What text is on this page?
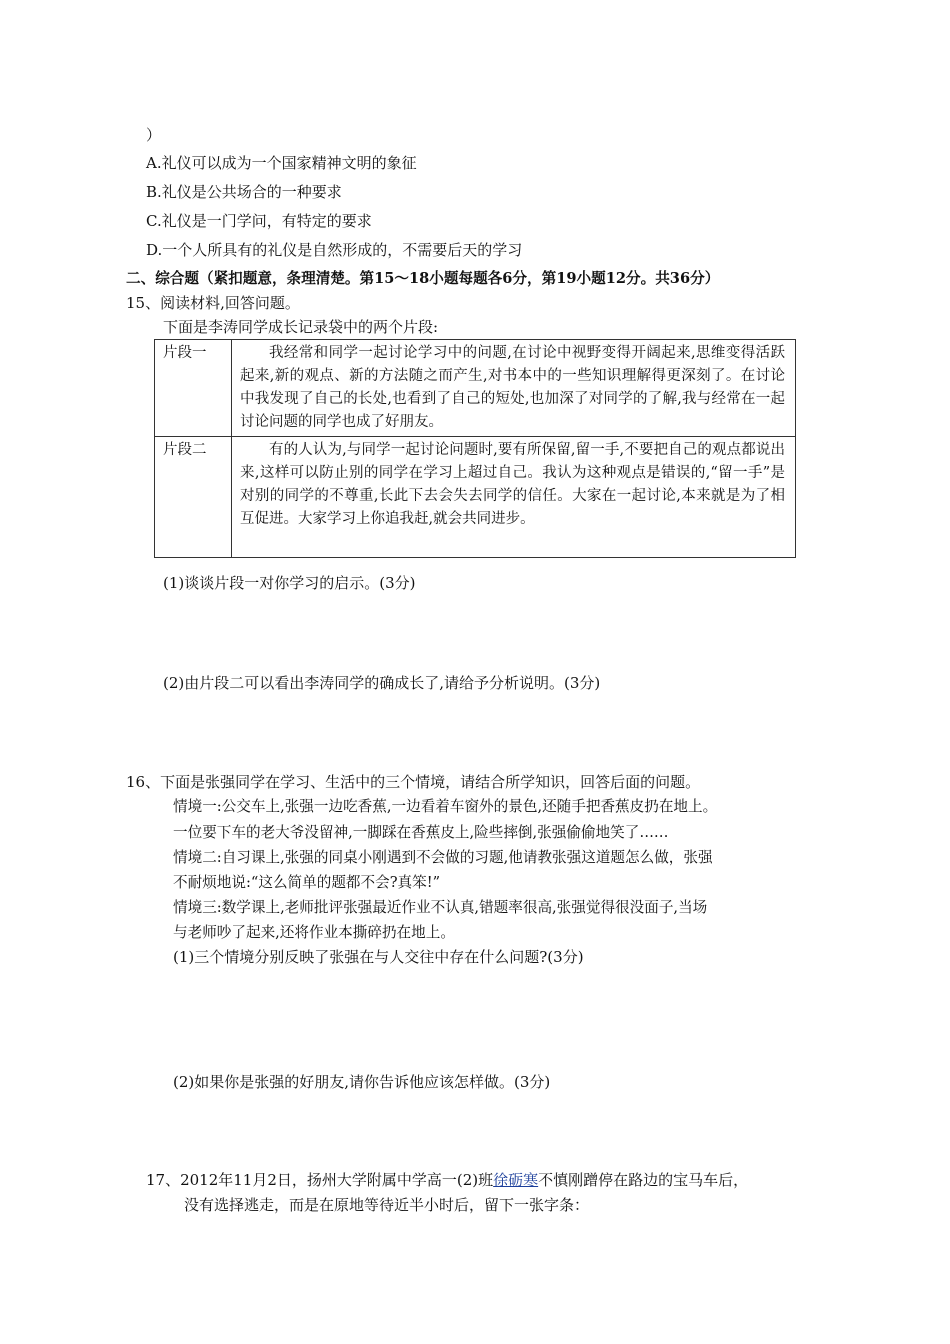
）
A.礼仪可以成为一个国家精神文明的象征
B.礼仪是公共场合的一种要求
C.礼仪是一门学问，有特定的要求
D.一个人所具有的礼仪是自然形成的，不需要后天的学习
二、综合题（紧扣题意，条理清楚。第15～18小题每题各6分，第19小题12分。共36分）
15、阅读材料,回答问题。
下面是李涛同学成长记录袋中的两个片段:
片段一	我经常和同学一起讨论学习中的问题,在讨论中视野变得开阔起来,思维变得活跃起来,新的观点、新的方法随之而产生,对书本中的一些知识理解得更深刻了。在讨论中我发现了自己的长处,也看到了自己的短处,也加深了对同学的了解,我与经常在一起讨论问题的同学也成了好朋友。
片段二	有的人认为,与同学一起讨论问题时,要有所保留,留一手,不要把自己的观点都说出来,这样可以防止别的同学在学习上超过自己。我认为这种观点是错误的,“留一手”是对别的同学的不尊重,长此下去会失去同学的信任。大家在一起讨论,本来就是为了相互促进。大家学习上你追我赶,就会共同进步。
(1)谈谈片段一对你学习的启示。(3分)
(2)由片段二可以看出李涛同学的确成长了,请给予分析说明。(3分)
16、下面是张强同学在学习、生活中的三个情境，请结合所学知识，回答后面的问题。
情境一:公交车上,张强一边吃香蕉,一边看着车窗外的景色,还随手把香蕉皮扔在地上。
一位要下车的老大爷没留神,一脚踩在香蕉皮上,险些摔倒,张强偷偷地笑了……
情境二:自习课上,张强的同桌小刚遇到不会做的习题,他请教张强这道题怎么做，张强
不耐烦地说:“这么简单的题都不会?真笨!”
情境三:数学课上,老师批评张强最近作业不认真,错题率很高,张强觉得很没面子,当场
与老师吵了起来,还将作业本撕碎扔在地上。
(1)三个情境分别反映了张强在与人交往中存在什么问题?(3分)
(2)如果你是张强的好朋友,请你告诉他应该怎样做。(3分)
17、2012年11月2日，扬州大学附属中学高一(2)班徐砺寒不慎刚蹭停在路边的宝马车后，
没有选择逃走，而是在原地等待近半小时后，留下一张字条：
